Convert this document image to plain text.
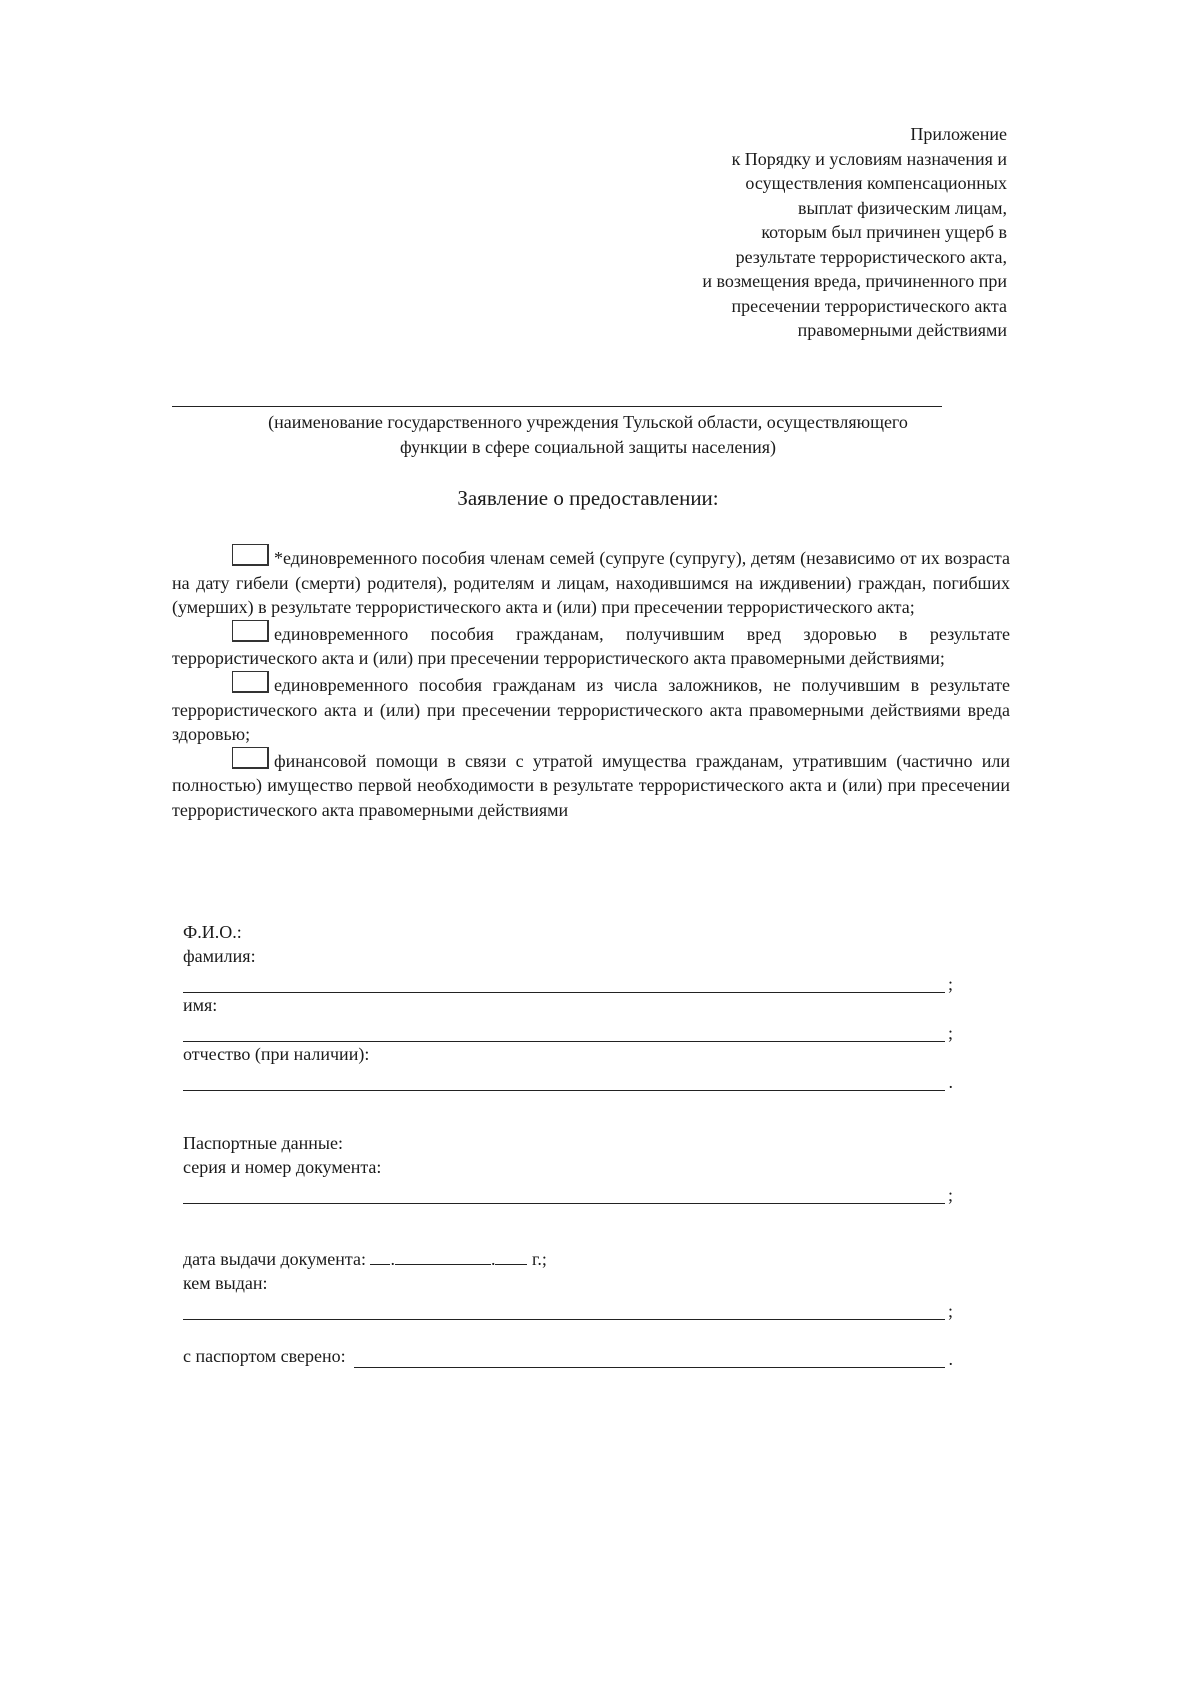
Приложение
к Порядку и условиям назначения и
осуществления компенсационных
выплат физическим лицам,
которым был причинен ущерб в
результате террористического акта,
и возмещения вреда, причиненного при
пресечении террористического акта
правомерными действиями
(наименование государственного учреждения Тульской области, осуществляющего
функции в сфере социальной защиты населения)
Заявление о предоставлении:

*единовременного пособия членам семей (супруге (супругу), детям (независимо от их возраста на дату гибели (смерти) родителя), родителям и лицам, находившимся на иждивении) граждан, погибших (умерших) в результате террористического акта и (или) при пресечении террористического акта;

единовременного пособия гражданам, получившим вред здоровью в результате террористического акта и (или) при пресечении террористического акта правомерными действиями;

единовременного пособия гражданам из числа заложников, не получившим в результате террористического акта и (или) при пресечении террористического акта правомерными действиями вреда здоровью;

финансовой помощи в связи с утратой имущества гражданам, утратившим (частично или полностью) имущество первой необходимости в результате террористического акта и (или) при пресечении террористического акта правомерными действиями

Ф.И.О.:
фамилия:
;
имя:
;
отчество (при наличии):
.
Паспортные данные:
серия и номер документа:
;
дата выдачи документа: .	. г.;
кем выдан:
;
с паспортом сверено:	.
